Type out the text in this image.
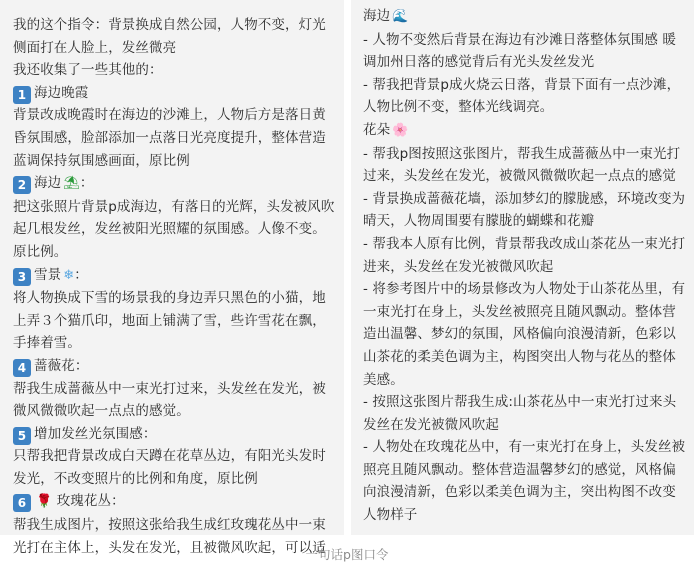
我的这个指令：背景换成自然公园，人物不变，灯光侧面打在人脸上，发丝微亮

我还收集了一些其他的：

1 海边晚霞

背景改成晚霞时在海边的沙滩上，人物后方是落日黄昏氛围感，脸部添加一点落日光亮度提升，整体营造蓝调保持氛围感画面，原比例

2 海边 ⛱：

把这张照片背景p成海边，有落日的光辉，头发被风吹起几根发丝，发丝被阳光照耀的氛围感。人像不变。原比例。

3 雪景 ❄：

将人物换成下雪的场景我的身边弄只黑色的小猫，地上弄３个猫爪印，地面上铺满了雪，些许雪花在飘，手捧着雪。

4 蔷薇花：

帮我生成蔷薇丛中一束光打过来，头发丝在发光，被微风微微吹起一点点的感觉。

5 增加发丝光氛围感：

只帮我把背景改成白天蹲在花草丛边，有阳光头发时发光，不改变照片的比例和角度，原比例

6 🌹 玫瑰花丛：

帮我生成图片，按照这张给我生成红玫瑰花丛中一束光打在主体上，头发在发光，且被微风吹起，可以适

海边 🌊

- 人物不变然后背景在海边有沙滩日落整体氛围感 暖调加州日落的感觉背后有光头发丝发光

- 帮我把背景p成火烧云日落，背景下面有一点沙滩，人物比例不变，整体光线调亮。

花朵 🌸

- 帮我p图按照这张图片，帮我生成蔷薇丛中一束光打过来，头发丝在发光，被微风微微吹起一点点的感觉

- 背景换成蔷薇花墙，添加梦幻的朦胧感，环境改变为晴天，人物周围要有朦胧的蝴蝶和花瓣

- 帮我本人原有比例，背景帮我改成山茶花丛一束光打进来，头发丝在发光被微风吹起

- 将参考图片中的场景修改为人物处于山茶花丛里，有一束光打在身上，头发丝被照亮且随风飘动。整体营造出温馨、梦幻的氛围，风格偏向浪漫清新，色彩以山茶花的柔美色调为主，构图突出人物与花丛的整体美感。

- 按照这张图片帮我生成:山茶花丛中一束光打过来头发丝在发光被微风吹起

- 人物处在玫瑰花丛中，有一束光打在身上，头发丝被照亮且随风飘动。整体营造温馨梦幻的感觉，风格偏向浪漫清新，色彩以柔美色调为主，突出构图不改变人物样子

一句话p图口令
